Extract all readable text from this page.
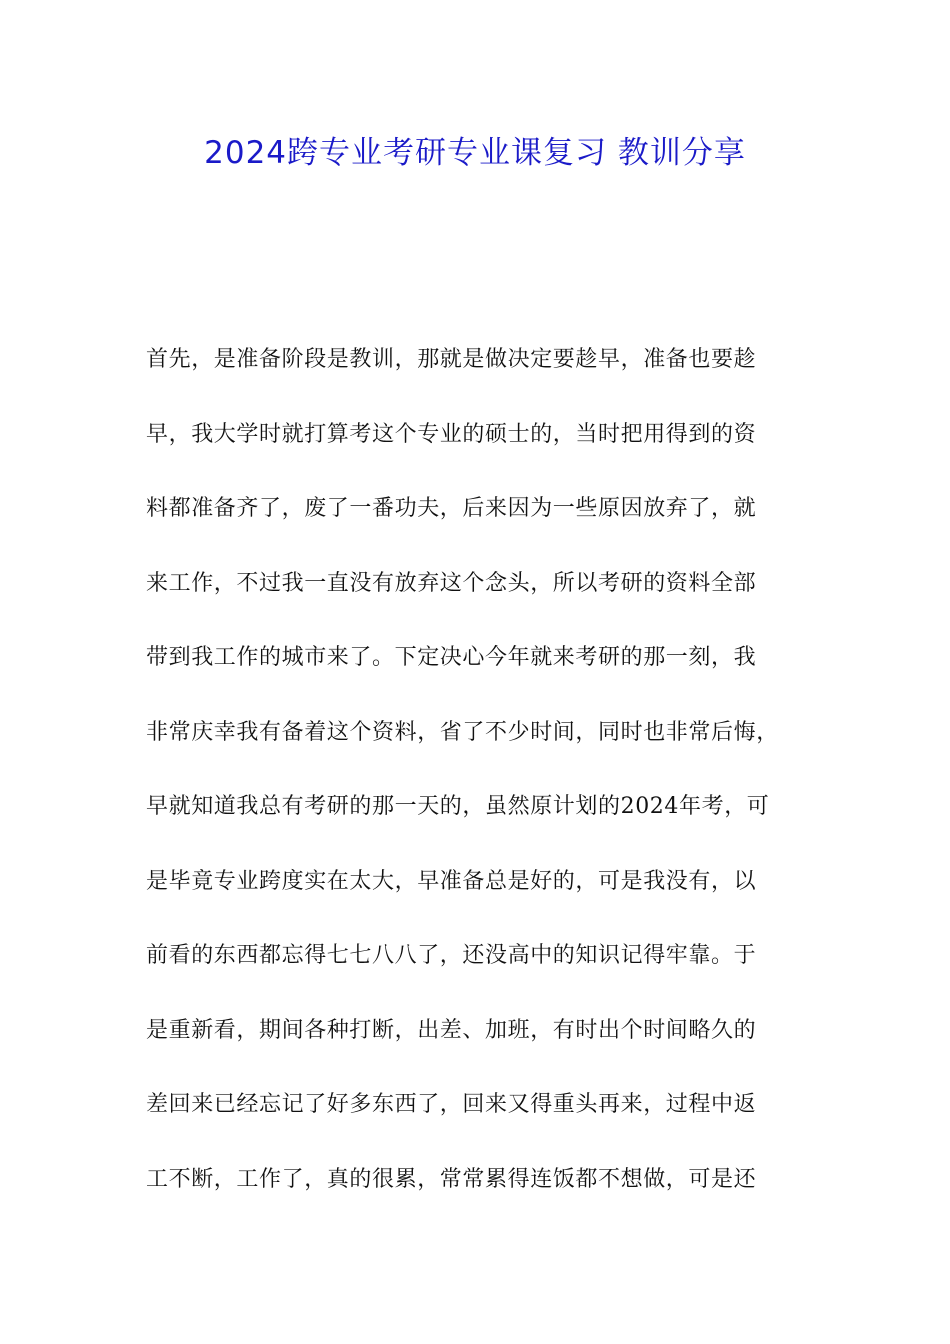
2024跨专业考研专业课复习 教训分享
首先，是准备阶段是教训，那就是做决定要趁早，准备也要趁
早，我大学时就打算考这个专业的硕士的，当时把用得到的资
料都准备齐了，废了一番功夫，后来因为一些原因放弃了，就
来工作，不过我一直没有放弃这个念头，所以考研的资料全部
带到我工作的城市来了。下定决心今年就来考研的那一刻，我
非常庆幸我有备着这个资料，省了不少时间，同时也非常后悔，
早就知道我总有考研的那一天的，虽然原计划的2024年考，可
是毕竟专业跨度实在太大，早准备总是好的，可是我没有，以
前看的东西都忘得七七八八了，还没高中的知识记得牢靠。于
是重新看，期间各种打断，出差、加班，有时出个时间略久的
差回来已经忘记了好多东西了，回来又得重头再来，过程中返
工不断，工作了，真的很累，常常累得连饭都不想做，可是还
